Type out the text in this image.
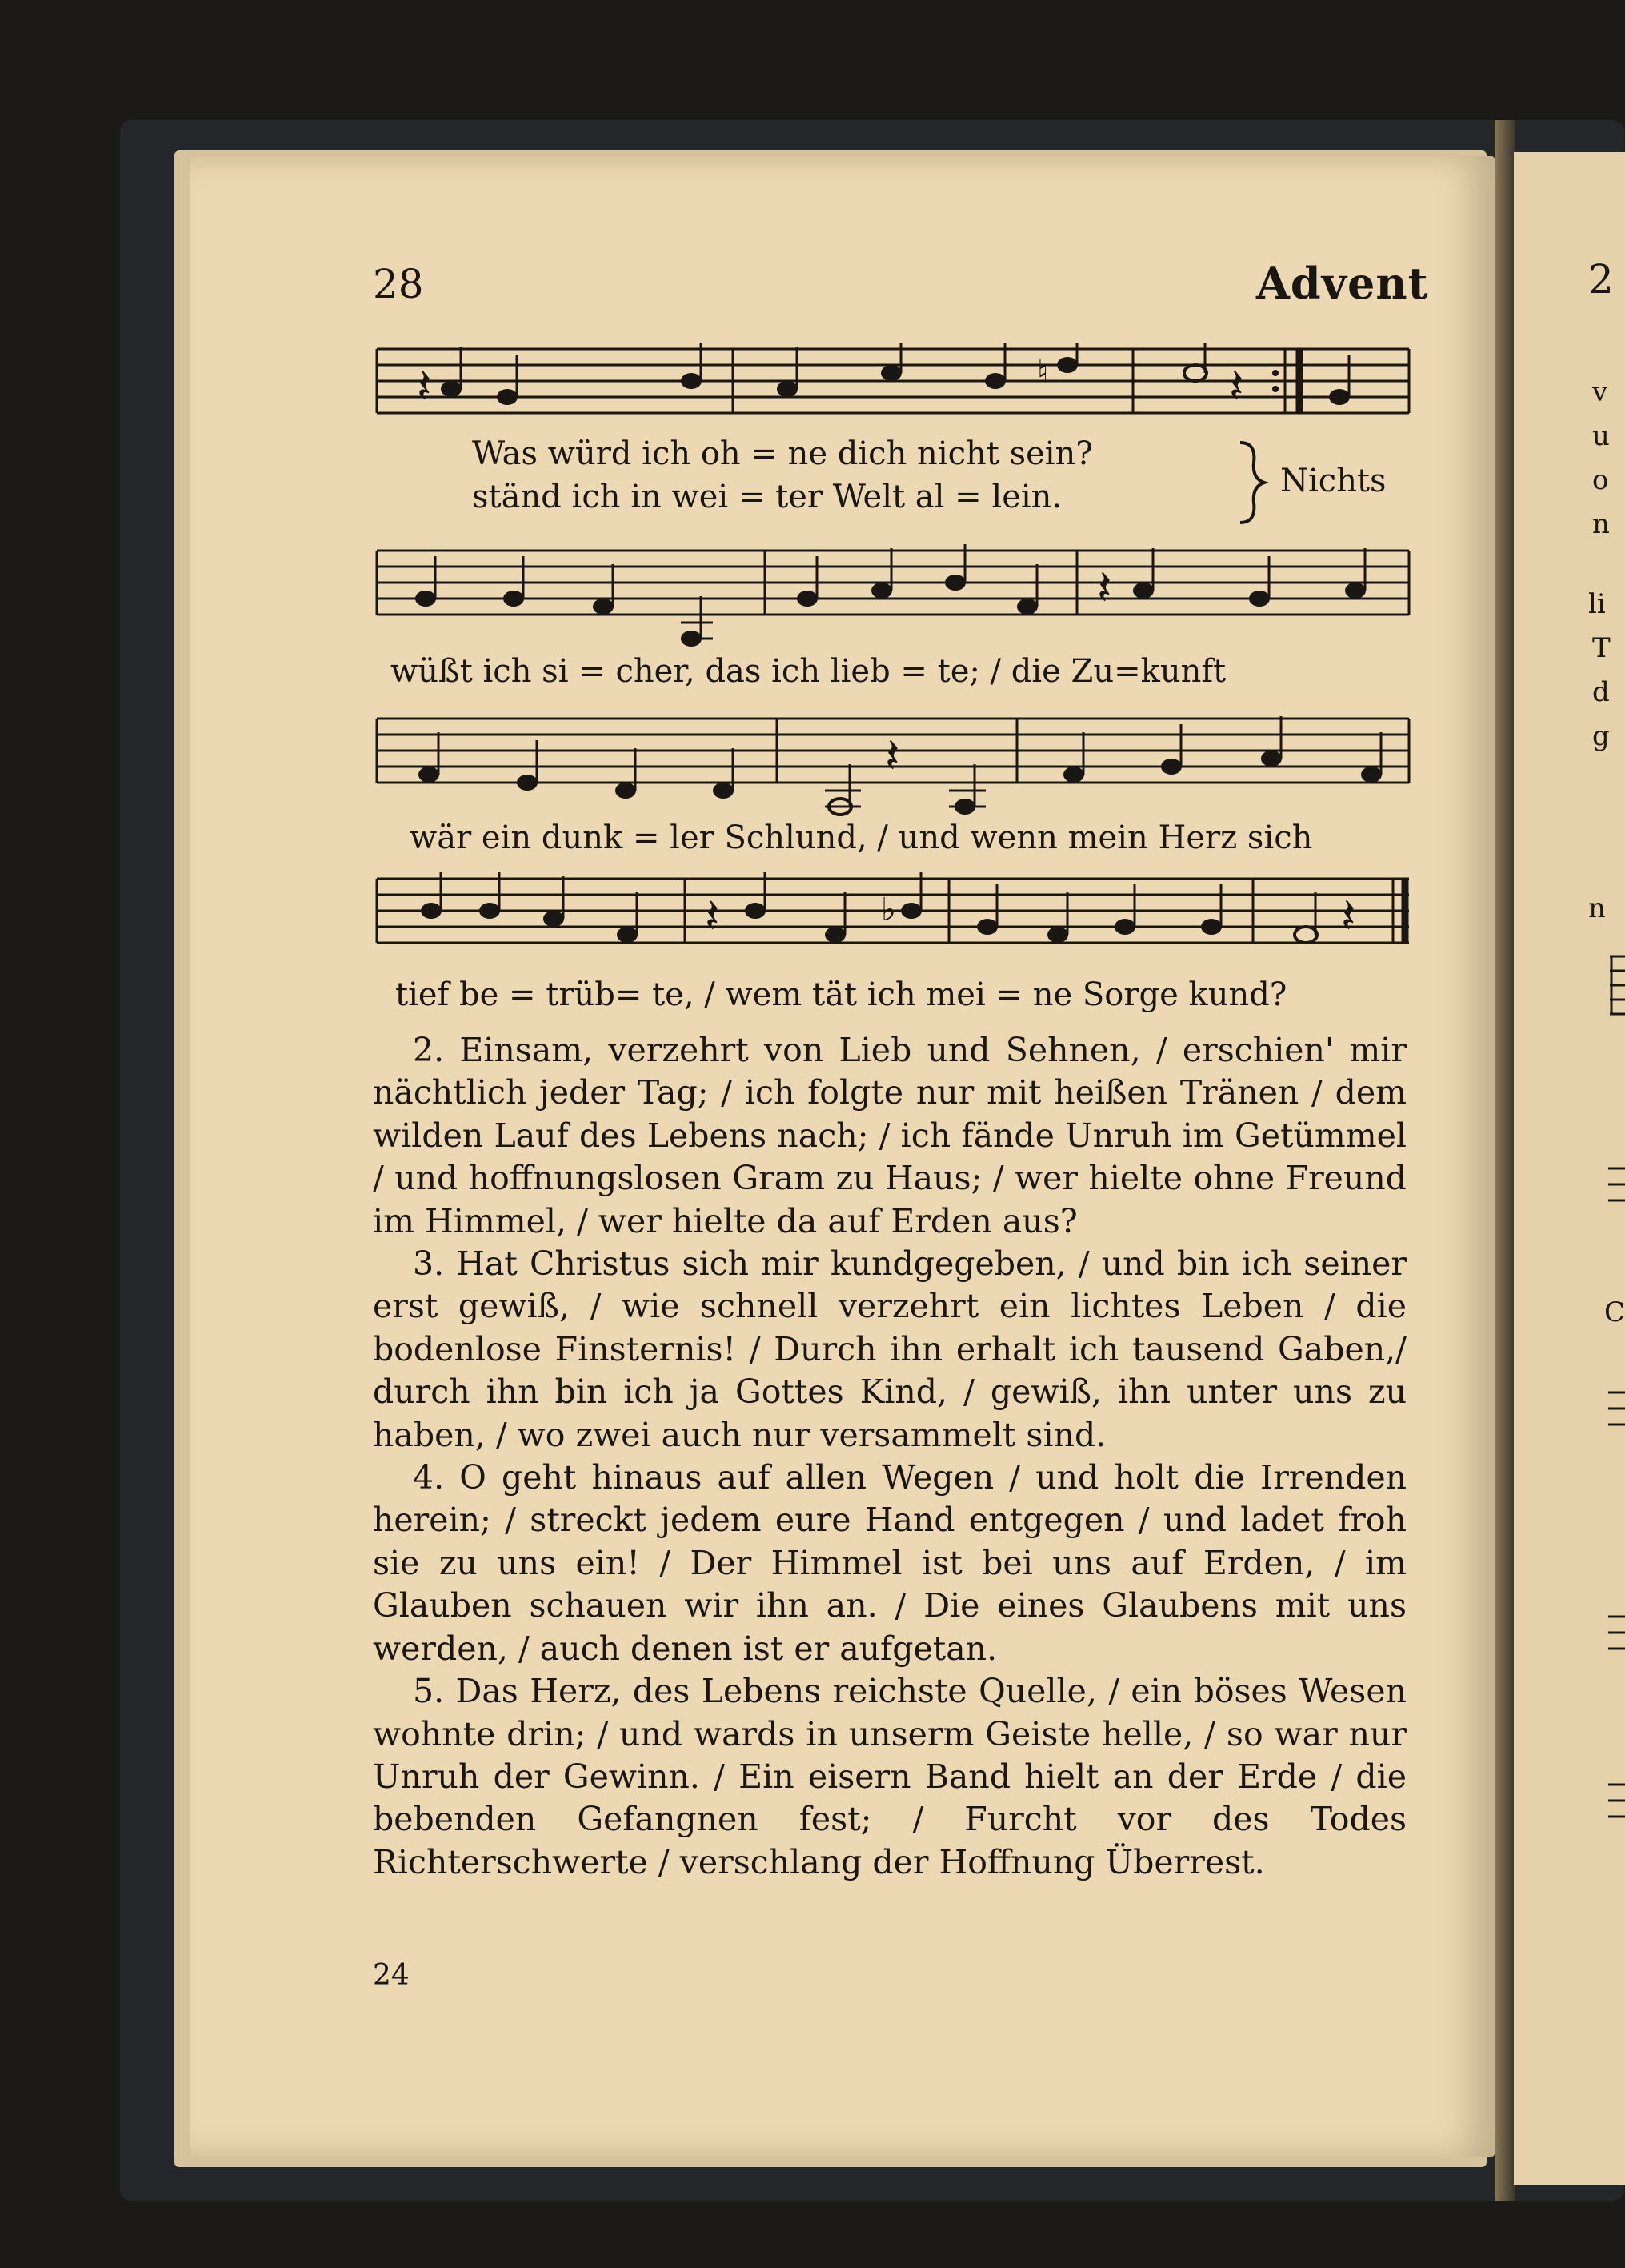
2
v
u
o
n
li
T
d
g
n
C
28	Advent
𝄽	𝄽
♮
Was würd ich oh = ne dich nicht sein?
ständ ich in wei = ter Welt al = lein.	Nichts
𝄽
wüßt ich si = cher, das ich lieb = te; / die Zu=kunft
𝄽
wär ein dunk = ler Schlund, / und wenn mein Herz sich
𝄽	𝄽
♭
tief be = trüb= te, / wem tät ich mei = ne Sorge kund?

2. Einsam, verzehrt von Lieb und Sehnen, / erschien' mir nächtlich jeder Tag; / ich folgte nur mit heißen Tränen / dem wilden Lauf des Lebens nach; / ich fände Unruh im Getümmel / und hoffnungslosen Gram zu Haus; / wer hielte ohne Freund im Himmel, / wer hielte da auf Erden aus?

3. Hat Christus sich mir kundgegeben, / und bin ich seiner erst gewiß, / wie schnell verzehrt ein lichtes Leben / die bodenlose Finsternis! / Durch ihn erhalt ich tausend Gaben,/ durch ihn bin ich ja Gottes Kind, / gewiß, ihn unter uns zu haben, / wo zwei auch nur versammelt sind.

4. O geht hinaus auf allen Wegen / und holt die Irrenden herein; / streckt jedem eure Hand entgegen / und ladet froh sie zu uns ein! / Der Himmel ist bei uns auf Erden, / im Glauben schauen wir ihn an. / Die eines Glaubens mit uns werden, / auch denen ist er aufgetan.

5. Das Herz, des Lebens reichste Quelle, / ein böses Wesen wohnte drin; / und wards in unserm Geiste helle, / so war nur Unruh der Gewinn. / Ein eisern Band hielt an der Erde / die bebenden Gefangnen fest; / Furcht vor des Todes Richterschwerte / verschlang der Hoffnung Überrest.

24
